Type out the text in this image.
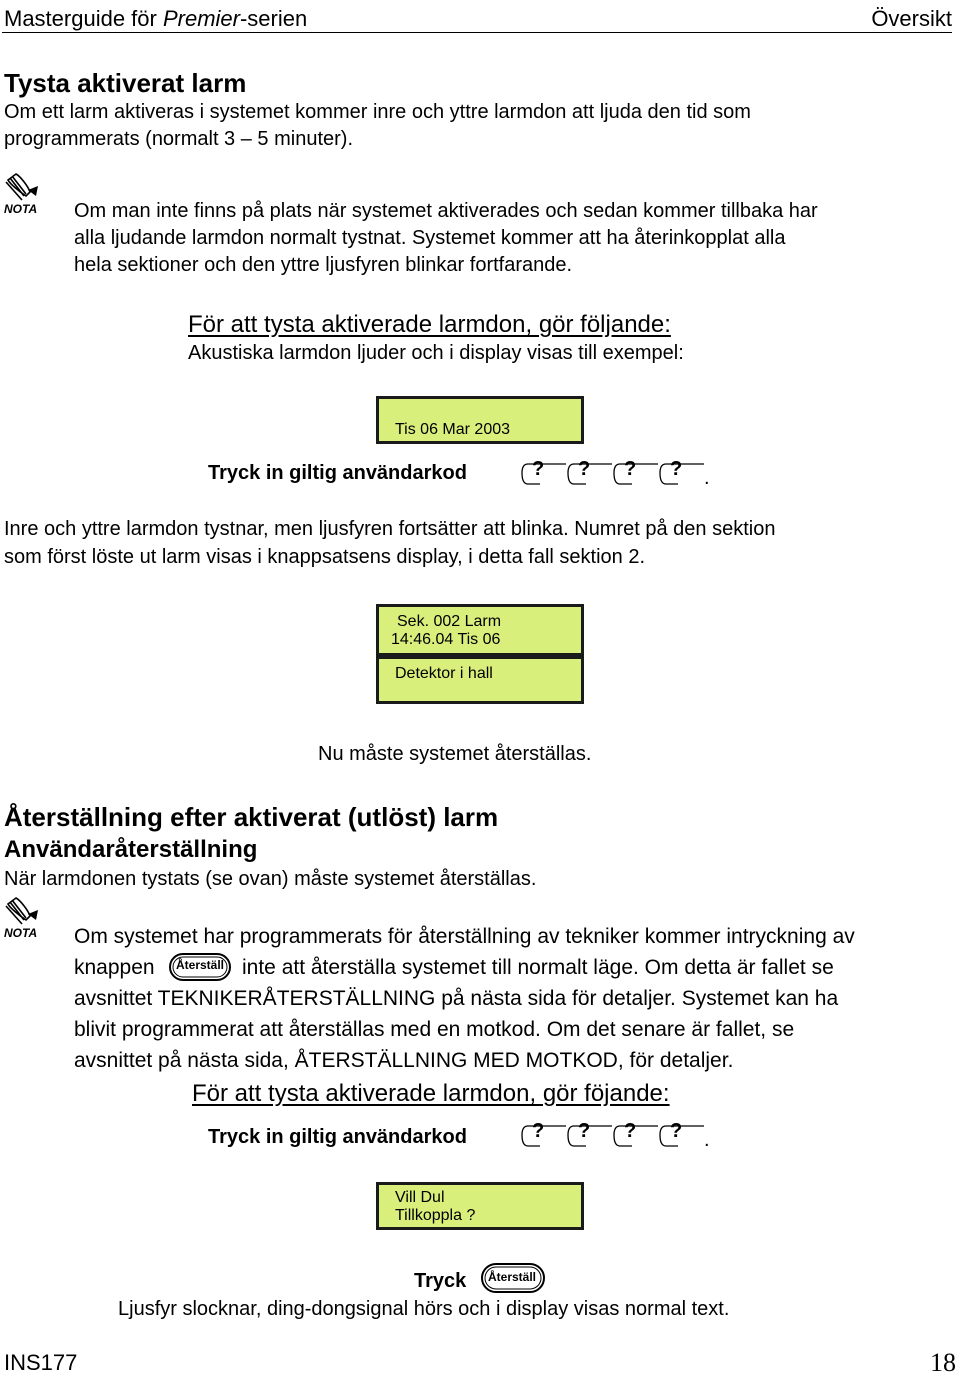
Masterguide för Premier-serien	Översikt
Tysta aktiverat larm
Om ett larm aktiveras i systemet kommer inre och yttre larmdon att ljuda den tid som
programmerats (normalt 3 – 5 minuter).
NOTA Om man inte finns på plats när systemet aktiverades och sedan kommer tillbaka har
alla ljudande larmdon normalt tystnat. Systemet kommer att ha återinkopplat alla
hela sektioner och den yttre ljusfyren blinkar fortfarande.
För att tysta aktiverade larmdon, gör följande:
Akustiska larmdon ljuder och i display visas till exempel:
Tis 06 Mar 2003
Tryck in giltig användarkod	? ? ? ? .
Inre och yttre larmdon tystnar, men ljusfyren fortsätter att blinka. Numret på den sektion
som först löste ut larm visas i knappsatsens display, i detta fall sektion 2.
Sek. 002 Larm
14:46.04 Tis 06
Detektor i hall
Nu måste systemet återställas.
Återställning efter aktiverat (utlöst) larm
Användaråterställning
När larmdonen tystats (se ovan) måste systemet återställas.
NOTA Om systemet har programmerats för återställning av tekniker kommer intryckning av
knappen Återställ inte att återställa systemet till normalt läge. Om detta är fallet se
avsnittet TEKNIKERÅTERSTÄLLNING på nästa sida för detaljer. Systemet kan ha
blivit programmerat att återställas med en motkod. Om det senare är fallet, se
avsnittet på nästa sida, ÅTERSTÄLLNING MED MOTKOD, för detaljer.
För att tysta aktiverade larmdon, gör föjande:
Tryck in giltig användarkod	? ? ? ? .
Vill Dul
Tillkoppla ?
Tryck Återställ
Ljusfyr slocknar, ding-dongsignal hörs och i display visas normal text.
INS177	18
